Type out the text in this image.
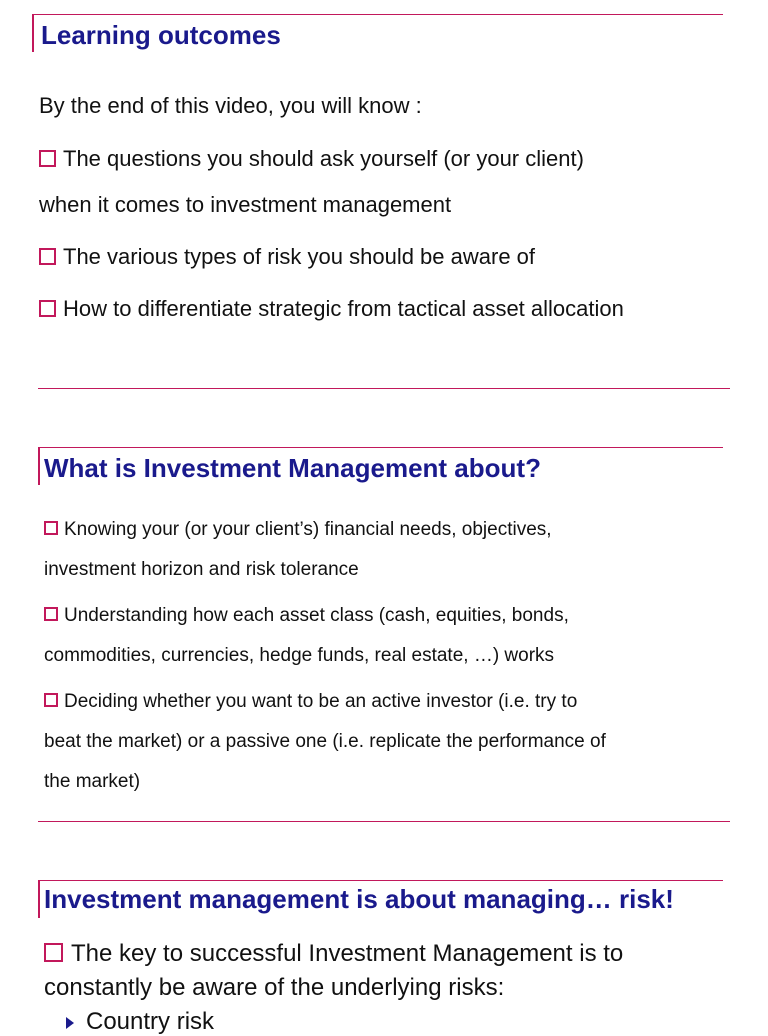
Learning outcomes
By the end of this video, you will know :
The questions you should ask yourself (or your client)
when it comes to investment management
The various types of risk you should be aware of
How to differentiate strategic from tactical asset allocation
What is Investment Management about?
Knowing your (or your client’s) financial needs, objectives,
investment horizon and risk tolerance
Understanding how each asset class (cash, equities, bonds,
commodities, currencies, hedge funds, real estate, …) works
Deciding whether you want to be an active investor (i.e. try to
beat the market) or a passive one (i.e. replicate the performance of
the market)
Investment management is about managing… risk!
The key to successful Investment Management is to
constantly be aware of the underlying risks:
Country risk
